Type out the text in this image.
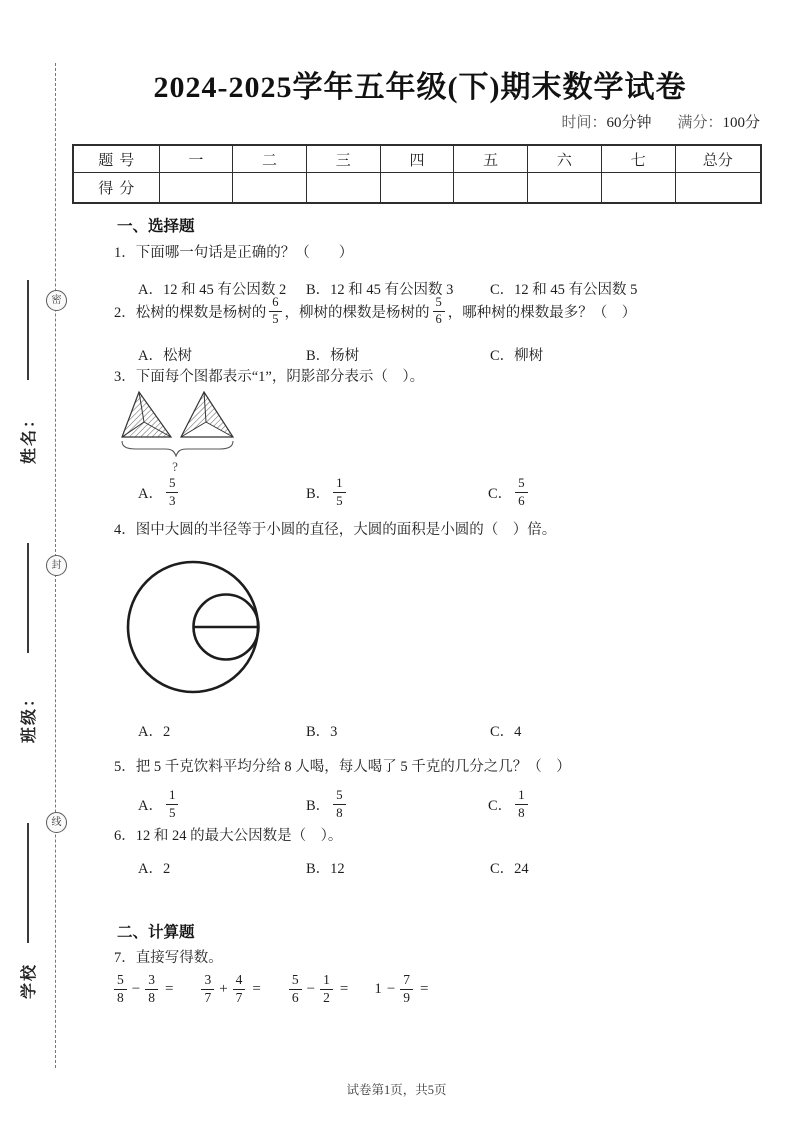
密
封
线
姓名：
班级：
学校
2024-2025学年五年级(下)期末数学试卷
时间：60分钟 满分：100分
题号	一	二	三	四	五	六	七	总分
得分								
一、选择题
1．下面哪一句话是正确的？（　　）
A．12 和 45 有公因数 2 B．12 和 45 有公因数 3	C．12 和 45 有公因数 5
2．松树的棵数是杨树的 $\frac{6}{5}$ ，柳树的棵数是杨树的 $\frac{5}{6}$ ，哪种树的棵数最多？（　）
A．松树	B．杨树	C．柳树
3．下面每个图都表示“1”，阴影部分表示（　）。
?
A． $\frac{5}{3}$	B． $\frac{1}{5}$	C． $\frac{5}{6}$
4．图中大圆的半径等于小圆的直径，大圆的面积是小圆的（　）倍。
A．2	B．3	C．4
5．把 5 千克饮料平均分给 8 人喝，每人喝了 5 千克的几分之几？（　）
A． $\frac{1}{5}$	B． $\frac{5}{8}$	C． $\frac{1}{8}$
6．12 和 24 的最大公因数是（　）。
A．2	B．12	C．24
二、计算题
7．直接写得数。
$\frac{5}{8} - \frac{3}{8} = \frac{3}{7} + \frac{4}{7} = \frac{5}{6} - \frac{1}{2} = 1 - \frac{7}{9}$ =
试卷第1页，共5页
